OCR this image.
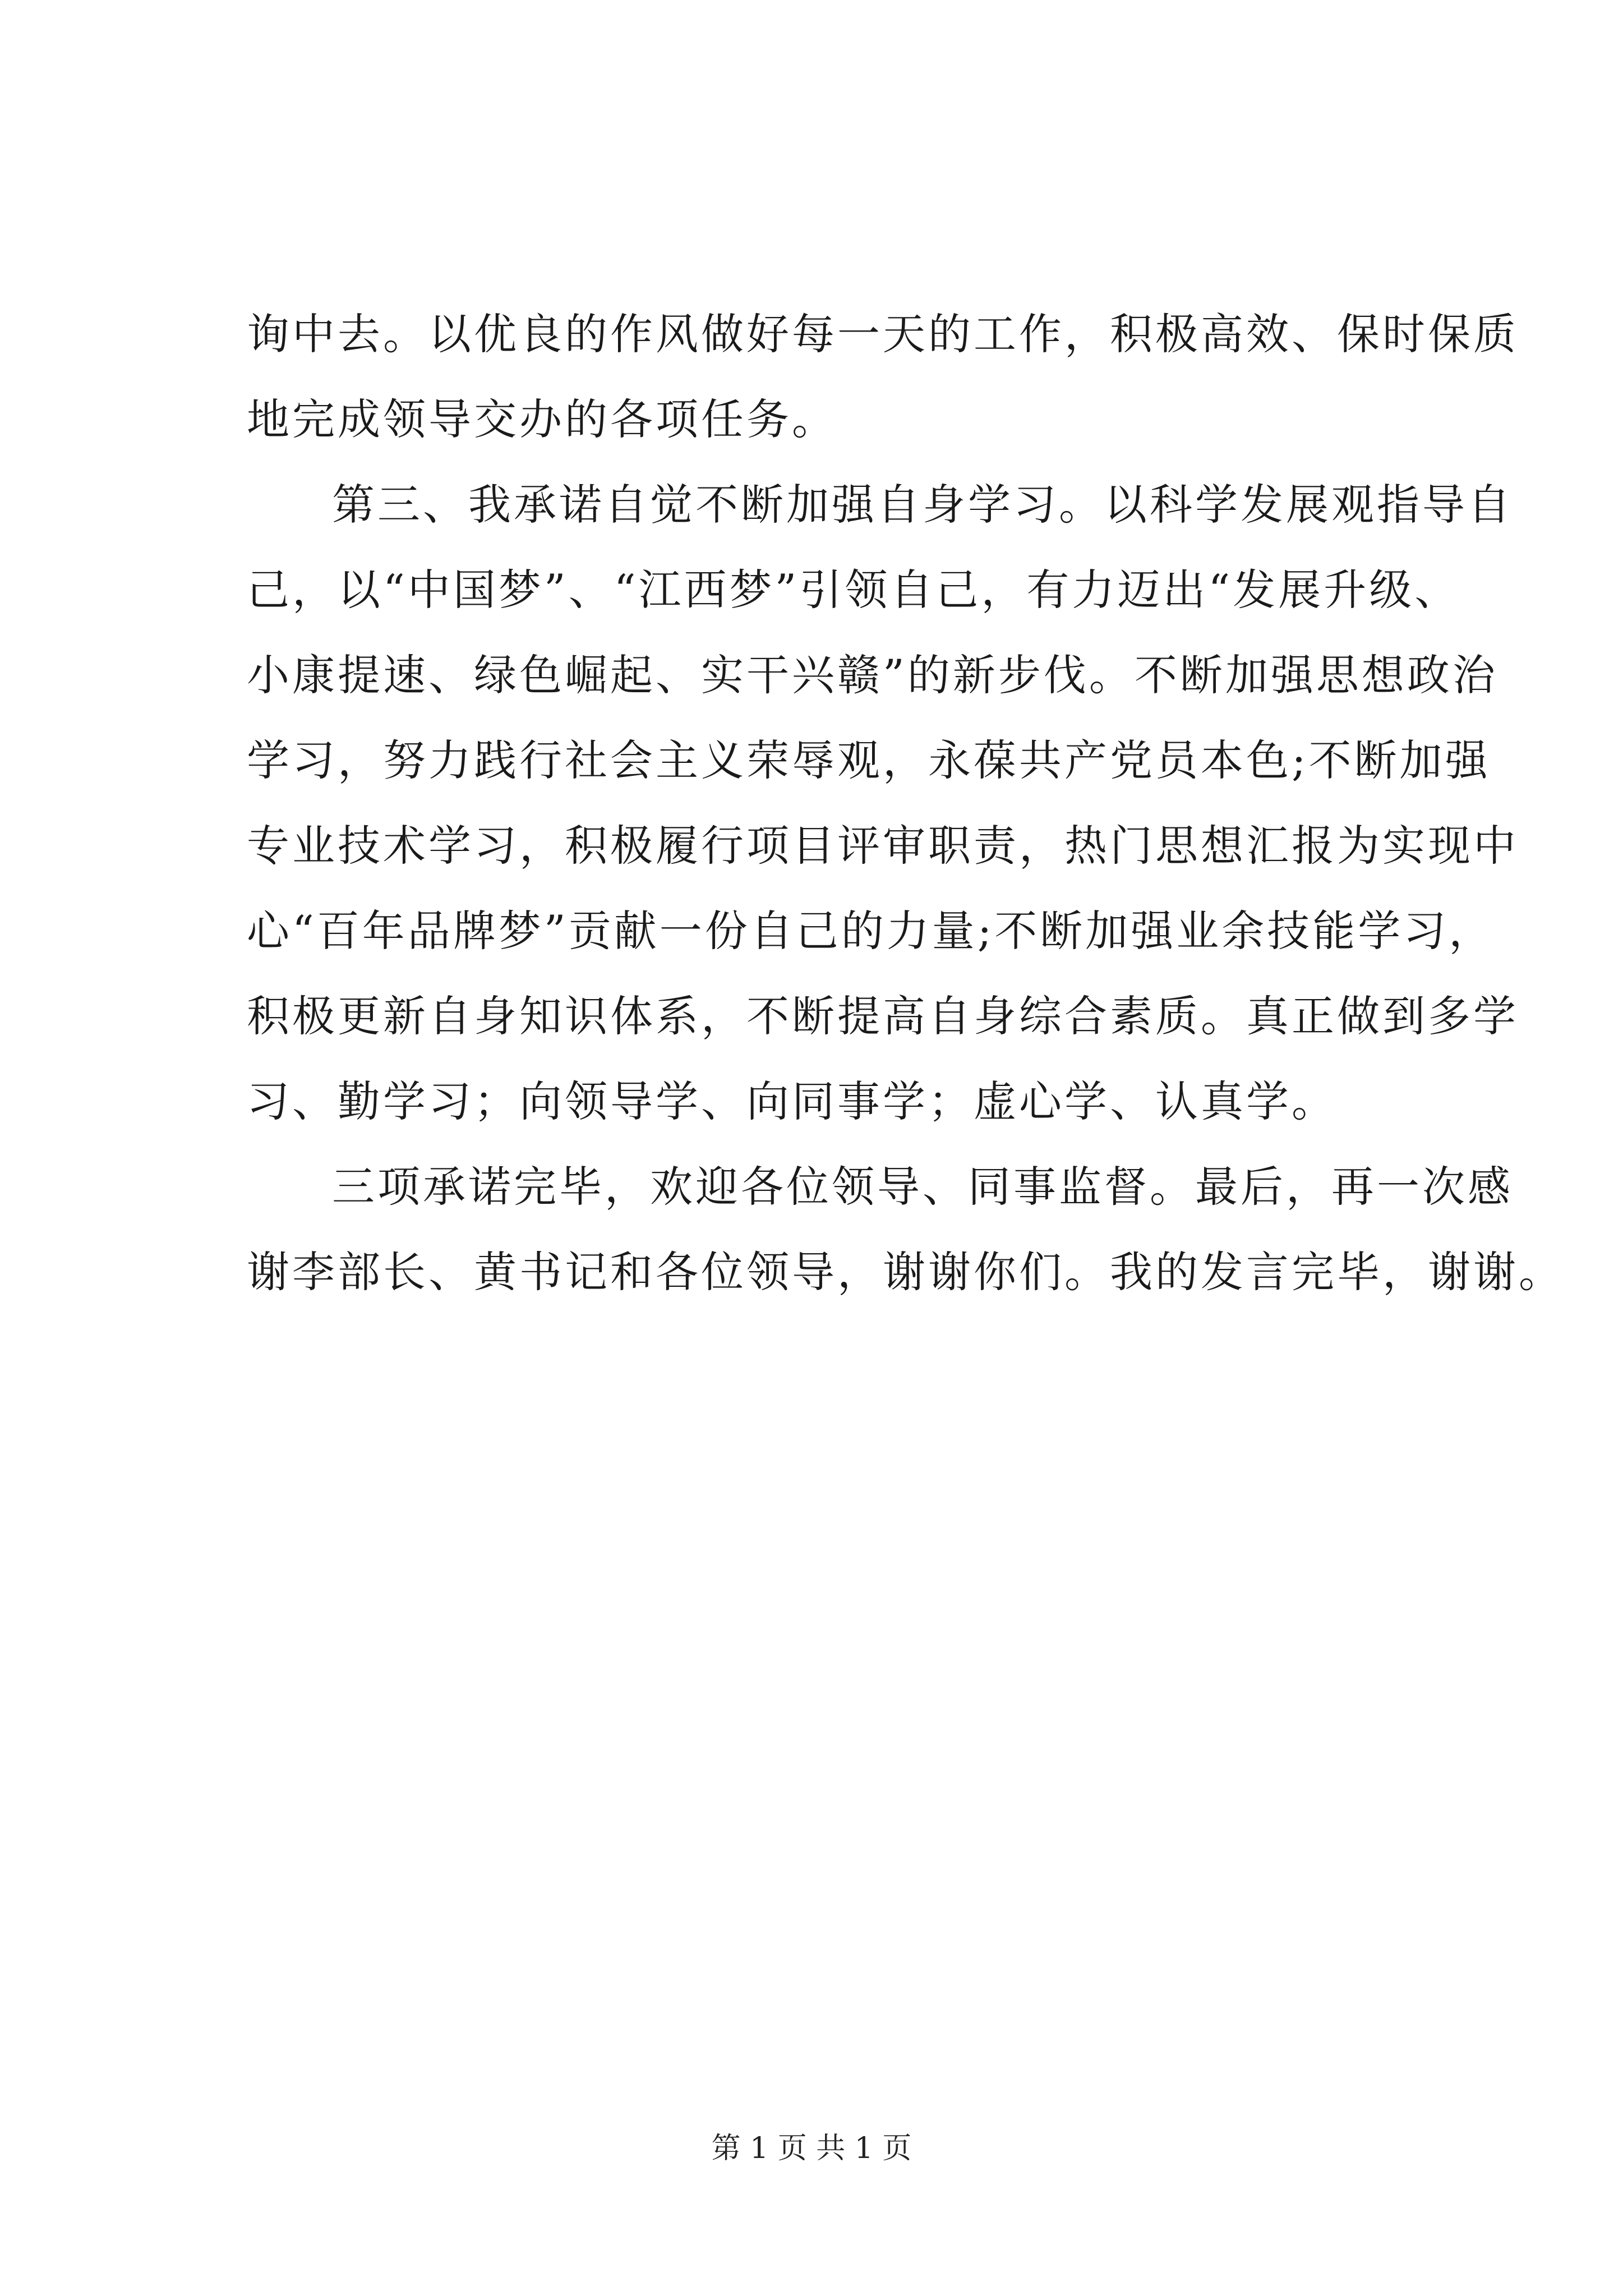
询中去。以优良的作风做好每一天的工作，积极高效、保时保质
地完成领导交办的各项任务。
第三、我承诺自觉不断加强自身学习。以科学发展观指导自
己，以“中国梦”、“江西梦”引领自己，有力迈出“发展升级、
小康提速、绿色崛起、实干兴赣”的新步伐。不断加强思想政治
学习，努力践行社会主义荣辱观，永葆共产党员本色;不断加强
专业技术学习，积极履行项目评审职责，热门思想汇报为实现中
心“百年品牌梦”贡献一份自己的力量;不断加强业余技能学习，
积极更新自身知识体系，不断提高自身综合素质。真正做到多学
习、勤学习；向领导学、向同事学；虚心学、认真学。
三项承诺完毕，欢迎各位领导、同事监督。最后，再一次感
谢李部长、黄书记和各位领导，谢谢你们。我的发言完毕，谢谢。
第 1 页 共 1 页
